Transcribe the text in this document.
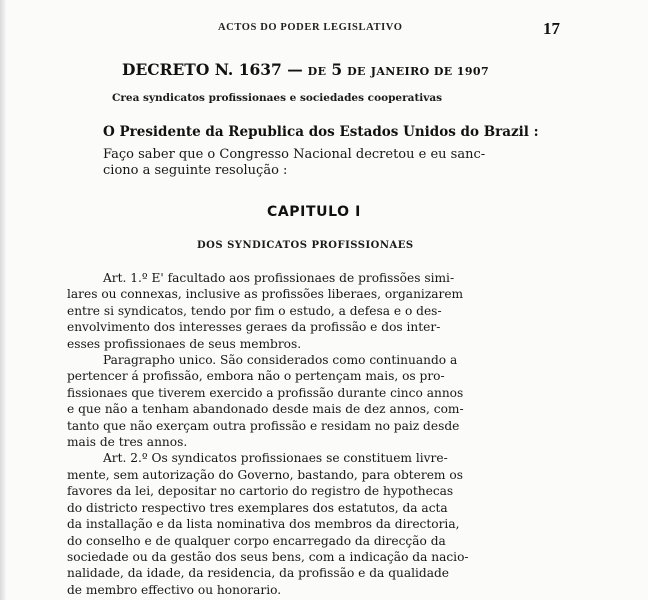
ACTOS DO PODER LEGISLATIVO	17
DECRETO N. 1637 — DE 5 DE JANEIRO DE 1907
Crea syndicatos profissionaes e sociedades cooperativas
O Presidente da Republica dos Estados Unidos do Brazil :
Faço saber que o Congresso Nacional decretou e eu sanc-
ciono a seguinte resolução :
CAPITULO I
DOS SYNDICATOS PROFISSIONAES
Art. 1.º E' facultado aos profissionaes de profissões simi-
lares ou connexas, inclusive as profissões liberaes, organizarem
entre si syndicatos, tendo por fim o estudo, a defesa e o des-
envolvimento dos interesses geraes da profissão e dos inter-
esses profissionaes de seus membros.
Paragrapho unico. São considerados como continuando a
pertencer á profissão, embora não o pertençam mais, os pro-
fissionaes que tiverem exercido a profissão durante cinco annos
e que não a tenham abandonado desde mais de dez annos, com-
tanto que não exerçam outra profissão e residam no paiz desde
mais de tres annos.
Art. 2.º Os syndicatos profissionaes se constituem livre-
mente, sem autorização do Governo, bastando, para obterem os
favores da lei, depositar no cartorio do registro de hypothecas
do districto respectivo tres exemplares dos estatutos, da acta
da installação e da lista nominativa dos membros da directoria,
do conselho e de qualquer corpo encarregado da direcção da
sociedade ou da gestão dos seus bens, com a indicação da nacio-
nalidade, da idade, da residencia, da profissão e da qualidade
de membro effectivo ou honorario.
